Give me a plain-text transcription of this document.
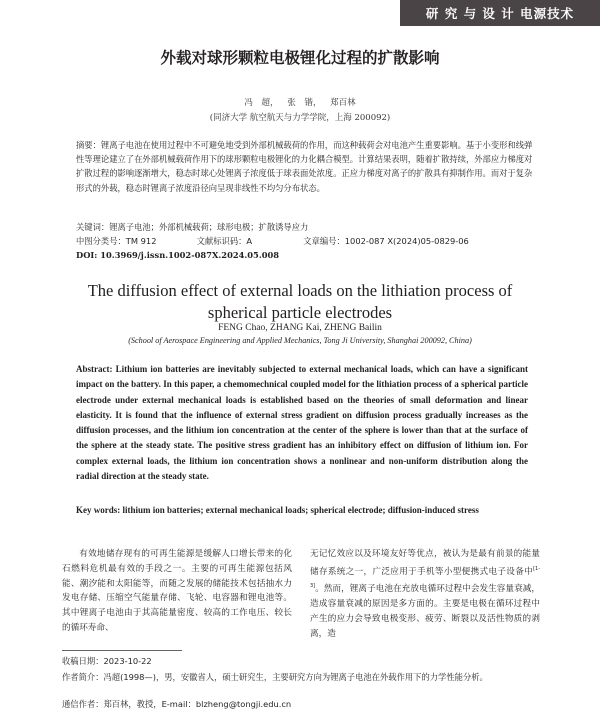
研 究 与 设 计 电源技术
外载对球形颗粒电极锂化过程的扩散影响
冯 超， 张 锴， 郑百林
(同济大学 航空航天与力学学院，上海 200092)
摘要：锂离子电池在使用过程中不可避免地受到外部机械载荷的作用，而这种载荷会对电池产生重要影响。基于小变形和线弹性等理论建立了在外部机械载荷作用下的球形颗粒电极锂化的力化耦合模型。计算结果表明，随着扩散持续，外部应力梯度对扩散过程的影响逐渐增大，稳态时球心处锂离子浓度低于球表面处浓度。正应力梯度对离子的扩散具有抑制作用。而对于复杂形式的外载，稳态时锂离子浓度沿径向呈现非线性不均匀分布状态。
关键词：锂离子电池；外部机械载荷；球形电极；扩散诱导应力
中图分类号：TM 912	文献标识码：A	文章编号：1002-087 X(2024)05-0829-06
DOI: 10.3969/j.issn.1002-087X.2024.05.008
The diffusion effect of external loads on the lithiation process of spherical particle electrodes
FENG Chao, ZHANG Kai, ZHENG Bailin
(School of Aerospace Engineering and Applied Mechanics, Tong Ji University, Shanghai 200092, China)
Abstract: Lithium ion batteries are inevitably subjected to external mechanical loads, which can have a significant impact on the battery. In this paper, a chemomechnical coupled model for the lithiation process of a spherical particle electrode under external mechanical loads is established based on the theories of small deformation and linear elasticity. It is found that the influence of external stress gradient on diffusion process gradually increases as the diffusion processes, and the lithium ion concentration at the center of the sphere is lower than that at the surface of the sphere at the steady state. The positive stress gradient has an inhibitory effect on diffusion of lithium ion. For complex external loads, the lithium ion concentration shows a nonlinear and non-uniform distribution along the radial direction at the steady state.
Key words: lithium ion batteries; external mechanical loads; spherical electrode; diffusion-induced stress

有效地储存现有的可再生能源是缓解人口增长带来的化石燃料危机最有效的手段之一。主要的可再生能源包括风能、潮汐能和太阳能等，而随之发展的储能技术包括抽水力发电存储、压缩空气能量存储、飞轮、电容器和锂电池等。其中锂离子电池由于其高能量密度、较高的工作电压、较长的循环寿命、

无记忆效应以及环境友好等优点，被认为是最有前景的能量储存系统之一，广泛应用于手机等小型便携式电子设备中[1-3]。然而，锂离子电池在充放电循环过程中会发生容量衰减，造成容量衰减的原因是多方面的。主要是电极在循环过程中产生的应力会导致电极变形、疲劳、断裂以及活性物质的剥离，造

收稿日期：2023-10-22
作者简介：冯超(1998—)，男，安徽省人，硕士研究生，主要研究方向为锂离子电池在外载作用下的力学性能分析。
通信作者：郑百林，教授，E-mail：blzheng@tongji.edu.cn
